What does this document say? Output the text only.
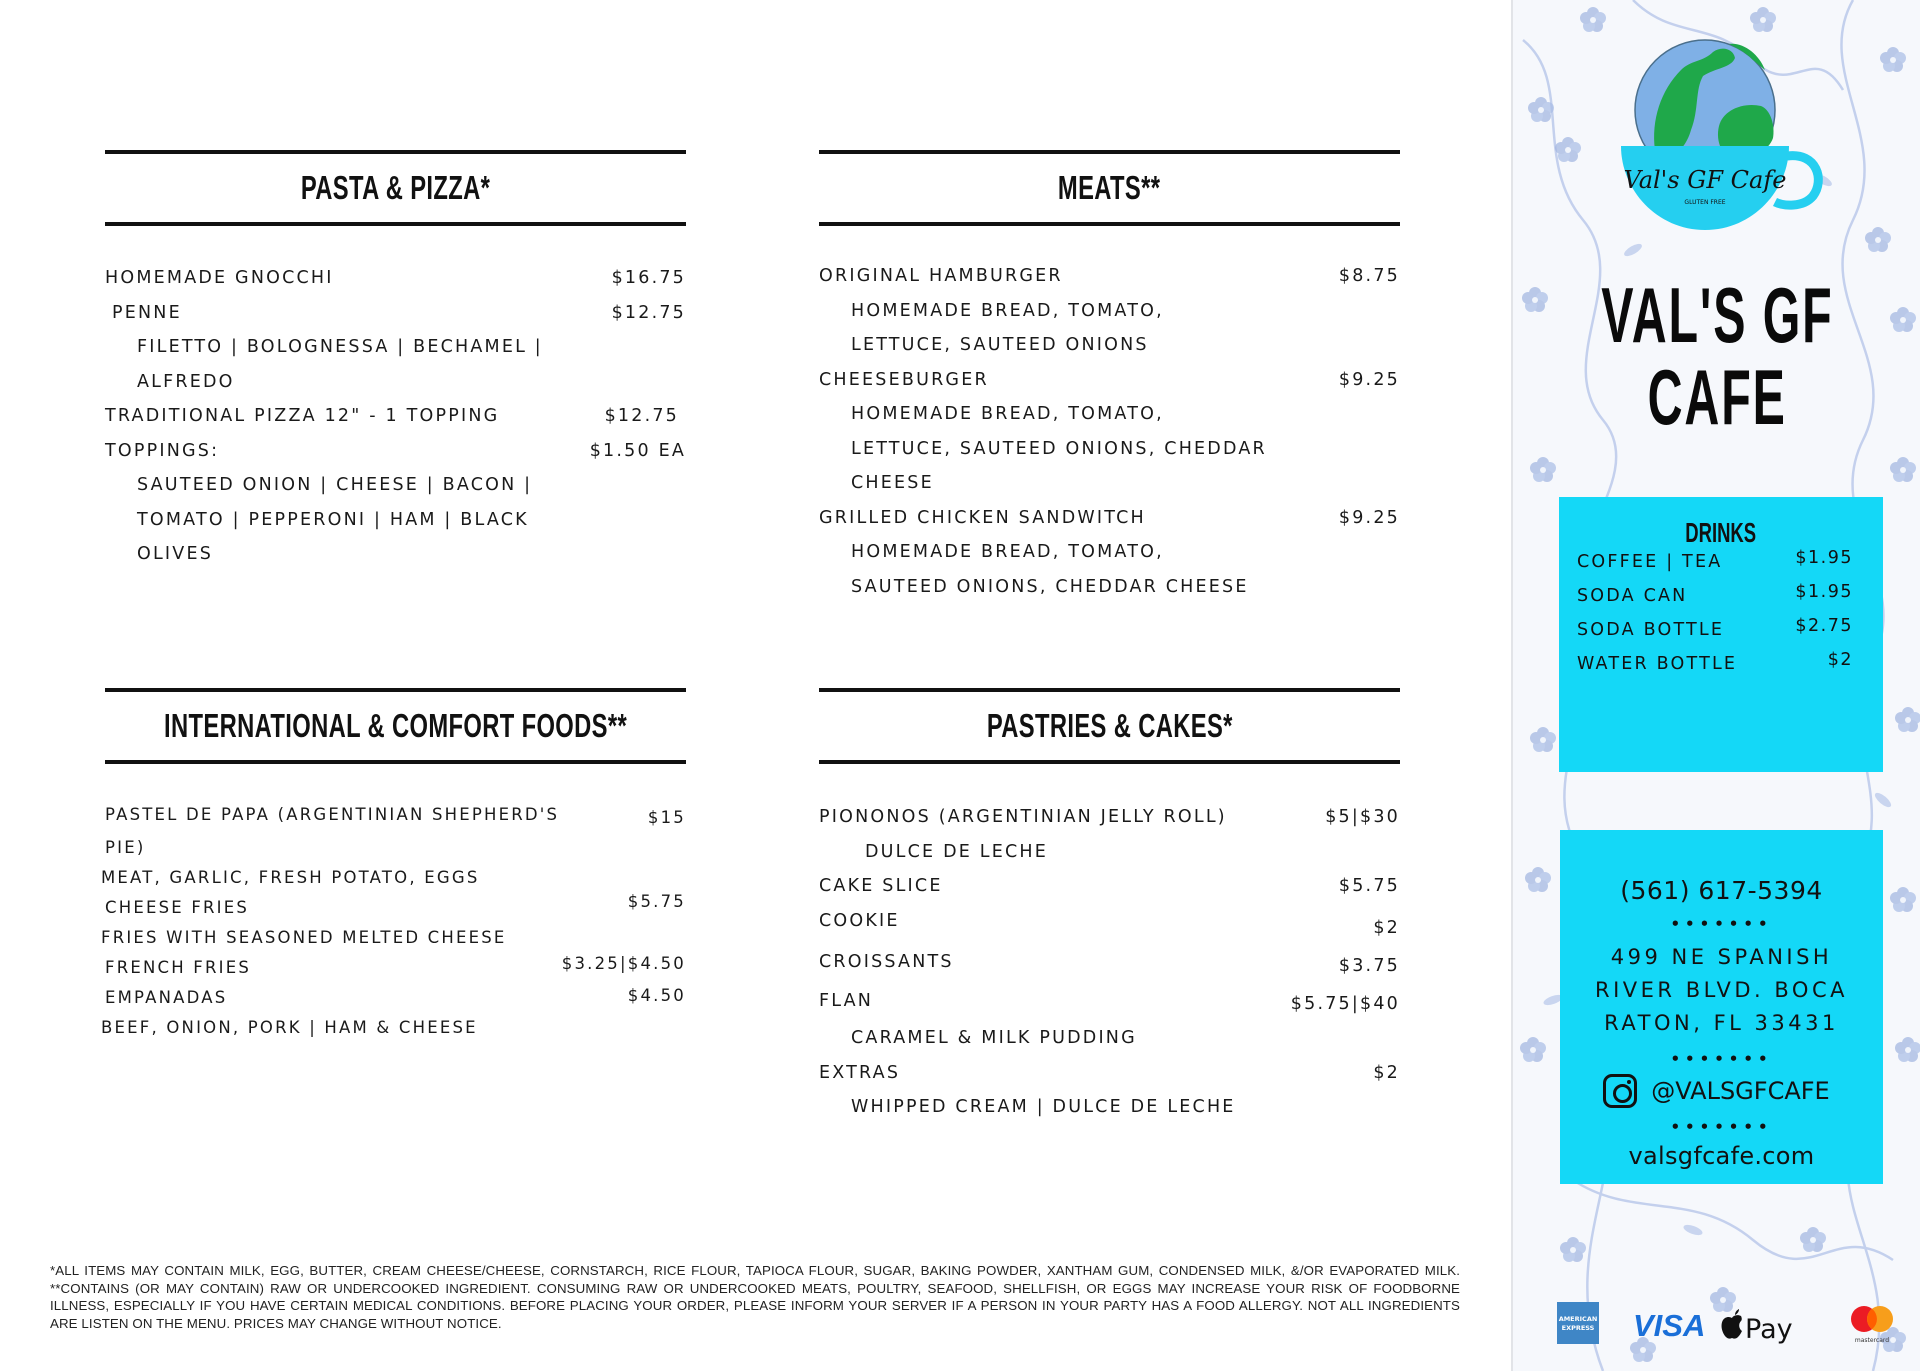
PASTA & PIZZA*
HOMEMADE GNOCCHI	$16.75
PENNE	$12.75
FILETTO | BOLOGNESSA | BECHAMEL |
ALFREDO
TRADITIONAL PIZZA 12" - 1 TOPPING	$12.75
TOPPINGS:	$1.50 EA
SAUTEED ONION | CHEESE | BACON |
TOMATO | PEPPERONI | HAM | BLACK
OLIVES
MEATS**
ORIGINAL HAMBURGER	$8.75
HOMEMADE BREAD, TOMATO,
LETTUCE, SAUTEED ONIONS
CHEESEBURGER	$9.25
HOMEMADE BREAD, TOMATO,
LETTUCE, SAUTEED ONIONS, CHEDDAR
CHEESE
GRILLED CHICKEN SANDWITCH	$9.25
HOMEMADE BREAD, TOMATO,
SAUTEED ONIONS, CHEDDAR CHEESE
INTERNATIONAL & COMFORT FOODS**
PASTEL DE PAPA (ARGENTINIAN SHEPHERD'S	$15
PIE)
MEAT, GARLIC, FRESH POTATO, EGGS
CHEESE FRIES	$5.75
FRIES WITH SEASONED MELTED CHEESE
FRENCH FRIES	$3.25|$4.50
EMPANADAS	$4.50
BEEF, ONION, PORK | HAM & CHEESE
PASTRIES & CAKES*
PIONONOS (ARGENTINIAN JELLY ROLL)	$5|$30
DULCE DE LECHE
CAKE SLICE	$5.75
COOKIE	$2
CROISSANTS	$3.75
FLAN	$5.75|$40
CARAMEL & MILK PUDDING
EXTRAS	$2
WHIPPED CREAM | DULCE DE LECHE

*ALL ITEMS MAY CONTAIN MILK, EGG, BUTTER, CREAM CHEESE/CHEESE, CORNSTARCH, RICE FLOUR, TAPIOCA FLOUR, SUGAR, BAKING POWDER, XANTHAM GUM, CONDENSED MILK, &/OR EVAPORATED MILK. **CONTAINS (OR MAY CONTAIN) RAW OR UNDERCOOKED INGREDIENT. CONSUMING RAW OR UNDERCOOKED MEATS, POULTRY, SEAFOOD, SHELLFISH, OR EGGS MAY INCREASE YOUR RISK OF FOODBORNE ILLNESS, ESPECIALLY IF YOU HAVE CERTAIN MEDICAL CONDITIONS. BEFORE PLACING YOUR ORDER, PLEASE INFORM YOUR SERVER IF A PERSON IN YOUR PARTY HAS A FOOD ALLERGY. NOT ALL INGREDIENTS ARE LISTEN ON THE MENU. PRICES MAY CHANGE WITHOUT NOTICE.

Val's GF Cafe
GLUTEN FREE
VAL'S GF
CAFE
DRINKS
COFFEE | TEA	$1.95
SODA CAN	$1.95
SODA BOTTLE	$2.75
WATER BOTTLE	$2
(561) 617-5394
•••••••
499 NE SPANISH
RIVER BLVD. BOCA
RATON, FL 33431
•••••••
@VALSGFCAFE
•••••••
valsgfcafe.com
AMERICAN
EXPRESS VISA Pay	mastercard
